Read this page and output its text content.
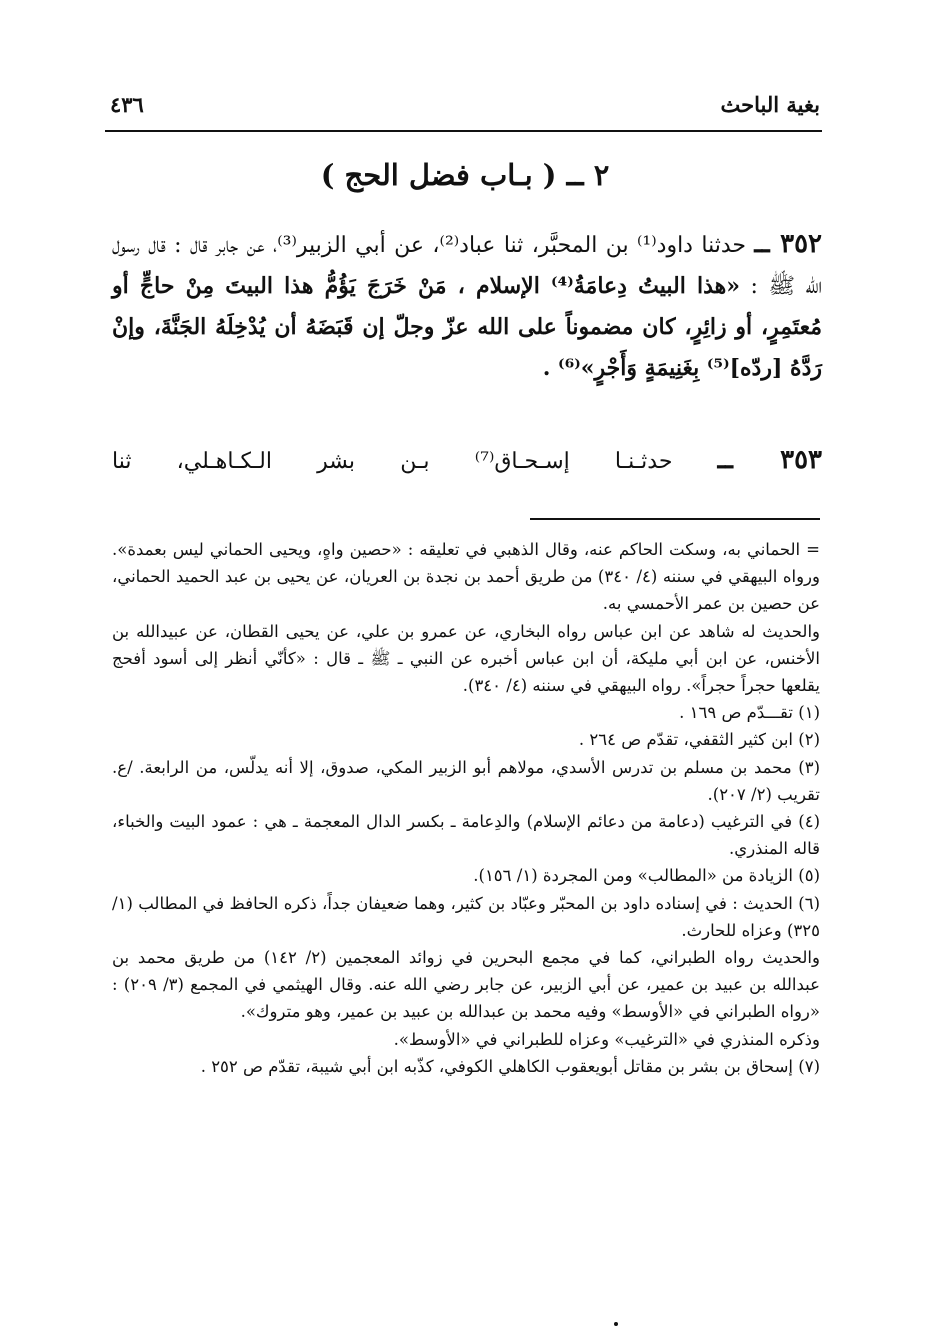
بغية الباحث
٤٣٦
٢ ــ ( بـاب فضل الحج )
٣٥٢ ــ حدثنا داود⁽¹⁾ بن المحبَّر، ثنا عباد⁽²⁾، عن أبي الزبير⁽³⁾، عن جابر قال : قال رسول الله ﷺ : «هذا البيتُ دِعامَةُ⁽⁴⁾ الإسلام ، مَنْ خَرَجَ يَؤُمُّ هذا البيتَ مِنْ حاجٍّ أو مُعتَمِرٍ، أو زائِرٍ، كان مضموناً على الله عزّ وجلّ إن قَبَضَهُ أن يُدْخِلَهُ الجَنَّةَ، وإنْ رَدَّهُ [ردّه]⁽⁵⁾ بِغَنِيمَةٍ وَأَجْرٍ»⁽⁶⁾ .
٣٥٣ ــ حدثـنـا إسـحـاق⁽⁷⁾ بـن بشر الـكـاهـلي، ثنا

= الحماني به، وسكت الحاكم عنه، وقال الذهبي في تعليقه : «حصين واهٍ، ويحيى الحماني ليس بعمدة». ورواه البيهقي في سننه (٤/ ٣٤٠) من طريق أحمد بن نجدة بن العريان، عن يحيى بن عبد الحميد الحماني، عن حصين بن عمر الأحمسي به.

والحديث له شاهد عن ابن عباس رواه البخاري، عن عمرو بن علي، عن يحيى القطان، عن عبيدالله بن الأخنس، عن ابن أبي مليكة، أن ابن عباس أخبره عن النبي ـ ﷺ ـ قال : «كأنّي أنظر إلى أسود أفحج يقلعها حجراً حجراً». رواه البيهقي في سننه (٤/ ٣٤٠).

(١) تقـــدّم ص ١٦٩ .

(٢) ابن كثير الثقفي، تقدّم ص ٢٦٤ .

(٣) محمد بن مسلم بن تدرس الأسدي، مولاهم أبو الزبير المكي، صدوق، إلا أنه يدلّس، من الرابعة. /ع. تقريب (٢/ ٢٠٧).

(٤) في الترغيب (دعامة من دعائم الإسلام) والدِعامة ـ بكسر الدال المعجمة ـ هي : عمود البيت والخباء، قاله المنذري.

(٥) الزيادة من «المطالب» ومن المجردة (١/ ١٥٦).

(٦) الحديث : في إسناده داود بن المحبّر وعبّاد بن كثير، وهما ضعيفان جداً، ذكره الحافظ في المطالب (١/ ٣٢٥) وعزاه للحارث.

والحديث رواه الطبراني، كما في مجمع البحرين في زوائد المعجمين (٢/ ١٤٢) من طريق محمد بن عبدالله بن عبيد بن عمير، عن أبي الزبير، عن جابر رضي الله عنه. وقال الهيثمي في المجمع (٣/ ٢٠٩) : «رواه الطبراني في «الأوسط» وفيه محمد بن عبدالله بن عبيد بن عمير، وهو متروك».

وذكره المنذري في «الترغيب» وعزاه للطبراني في «الأوسط».

(٧) إسحاق بن بشر بن مقاتل أبويعقوب الكاهلي الكوفي، كذّبه ابن أبي شيبة، تقدّم ص ٢٥٢ .
